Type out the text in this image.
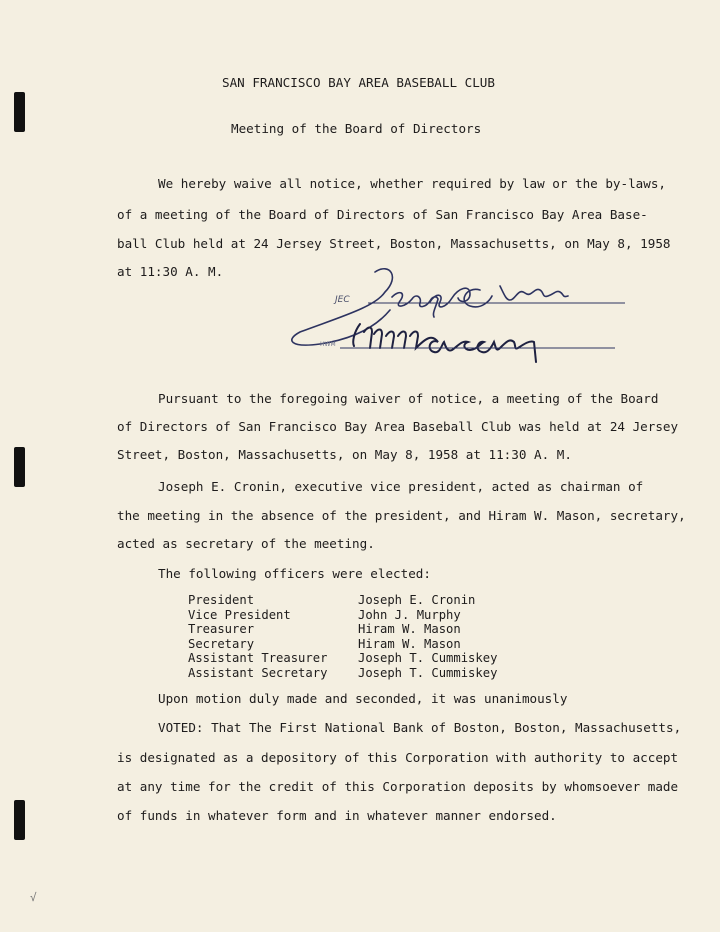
SAN FRANCISCO BAY AREA BASEBALL CLUB
Meeting of the Board of Directors
We hereby waive all notice, whether required by law or the by-laws,
of a meeting of the Board of Directors of San Francisco Bay Area Base-
ball Club held at 24 Jersey Street, Boston, Massachusetts, on May 8, 1958
at 11:30 A. M.
JEC
HWM
Pursuant to the foregoing waiver of notice, a meeting of the Board
of Directors of San Francisco Bay Area Baseball Club was held at 24 Jersey
Street, Boston, Massachusetts, on May 8, 1958 at 11:30 A. M.
Joseph E. Cronin, executive vice president, acted as chairman of
the meeting in the absence of the president, and Hiram W. Mason, secretary,
acted as secretary of the meeting.
The following officers were elected:
President	Joseph E. Cronin
Vice President	John J. Murphy
Treasurer	Hiram W. Mason
Secretary	Hiram W. Mason
Assistant Treasurer	Joseph T. Cummiskey
Assistant Secretary	Joseph T. Cummiskey
Upon motion duly made and seconded, it was unanimously
VOTED: That The First National Bank of Boston, Boston, Massachusetts,
is designated as a depository of this Corporation with authority to accept
at any time for the credit of this Corporation deposits by whomsoever made
of funds in whatever form and in whatever manner endorsed.
√
